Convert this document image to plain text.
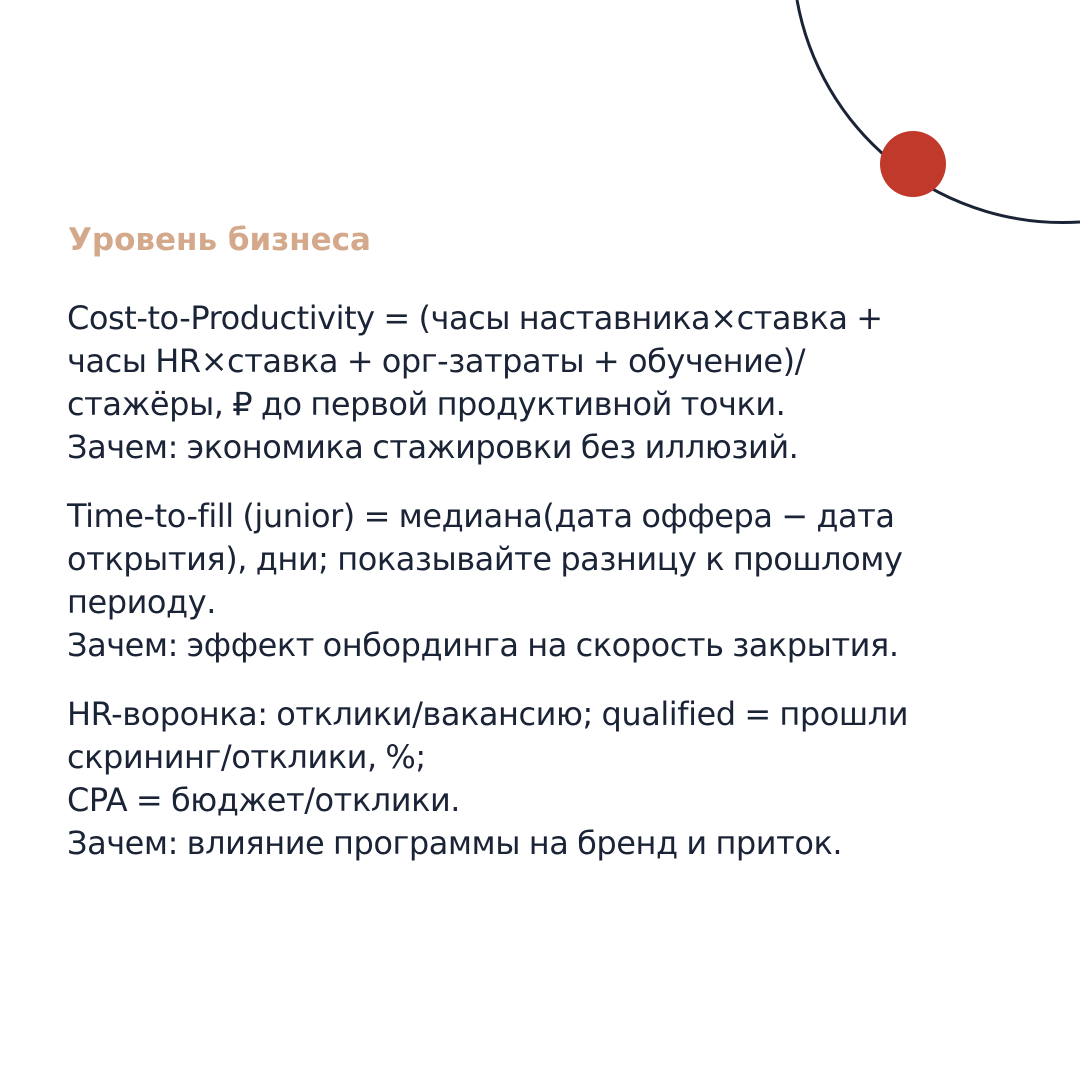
Уровень бизнеса

Cost-to-Productivity = (часы наставника×ставка +
часы HR×ставка + орг-затраты + обучение)/
стажёры, ₽ до первой продуктивной точки.
Зачем: экономика стажировки без иллюзий.

Time-to-fill (junior) = медиана(дата оффера − дата
открытия), дни; показывайте разницу к прошлому
периоду.
Зачем: эффект онбординга на скорость закрытия.

HR-воронка: отклики/вакансию; qualified = прошли
скрининг/отклики, %;
CPA = бюджет/отклики.
Зачем: влияние программы на бренд и приток.
